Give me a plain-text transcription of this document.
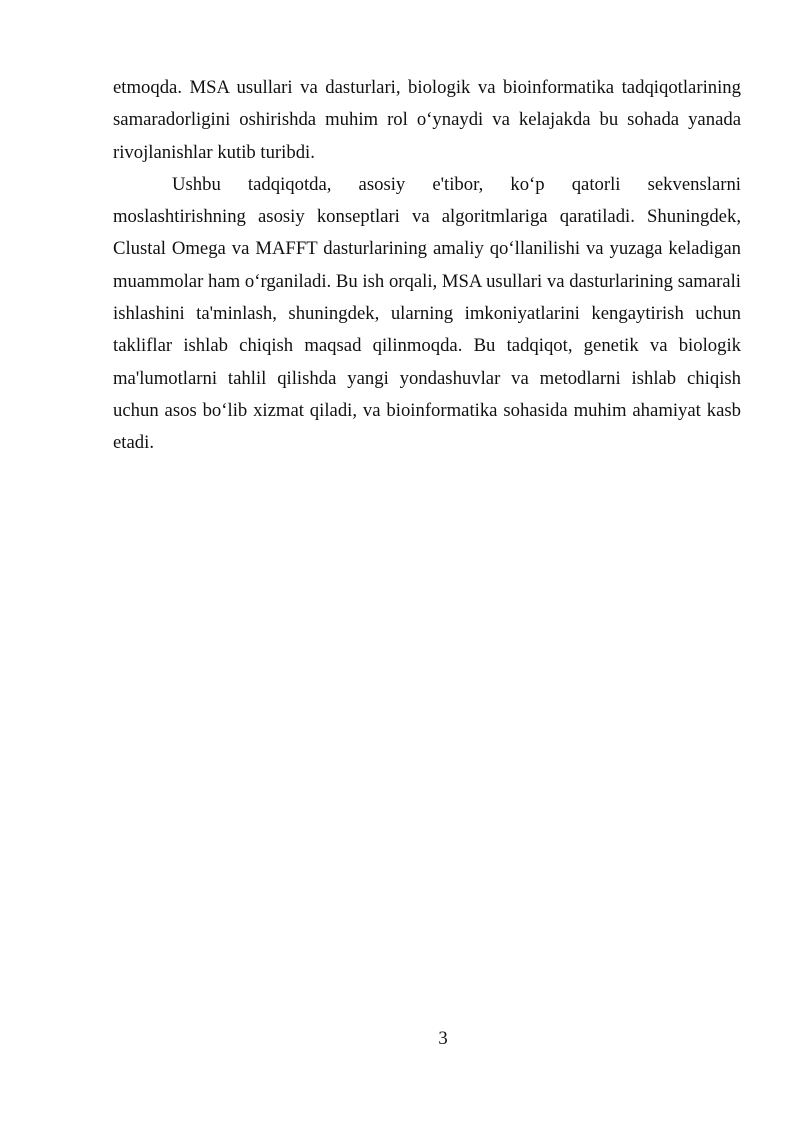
etmoqda. MSA usullari va dasturlari, biologik va bioinformatika tadqiqotlarining samaradorligini oshirishda muhim rol o‘ynaydi va kelajakda bu sohada yanada rivojlanishlar kutib turibdi.

Ushbu tadqiqotda, asosiy e'tibor, ko‘p qatorli sekvenslarni moslashtirishning asosiy konseptlari va algoritmlariga qaratiladi. Shuningdek, Clustal Omega va MAFFT dasturlarining amaliy qo‘llanilishi va yuzaga keladigan muammolar ham o‘rganiladi. Bu ish orqali, MSA usullari va dasturlarining samarali ishlashini ta'minlash, shuningdek, ularning imkoniyatlarini kengaytirish uchun takliflar ishlab chiqish maqsad qilinmoqda. Bu tadqiqot, genetik va biologik ma'lumotlarni tahlil qilishda yangi yondashuvlar va metodlarni ishlab chiqish uchun asos bo‘lib xizmat qiladi, va bioinformatika sohasida muhim ahamiyat kasb etadi.

3
